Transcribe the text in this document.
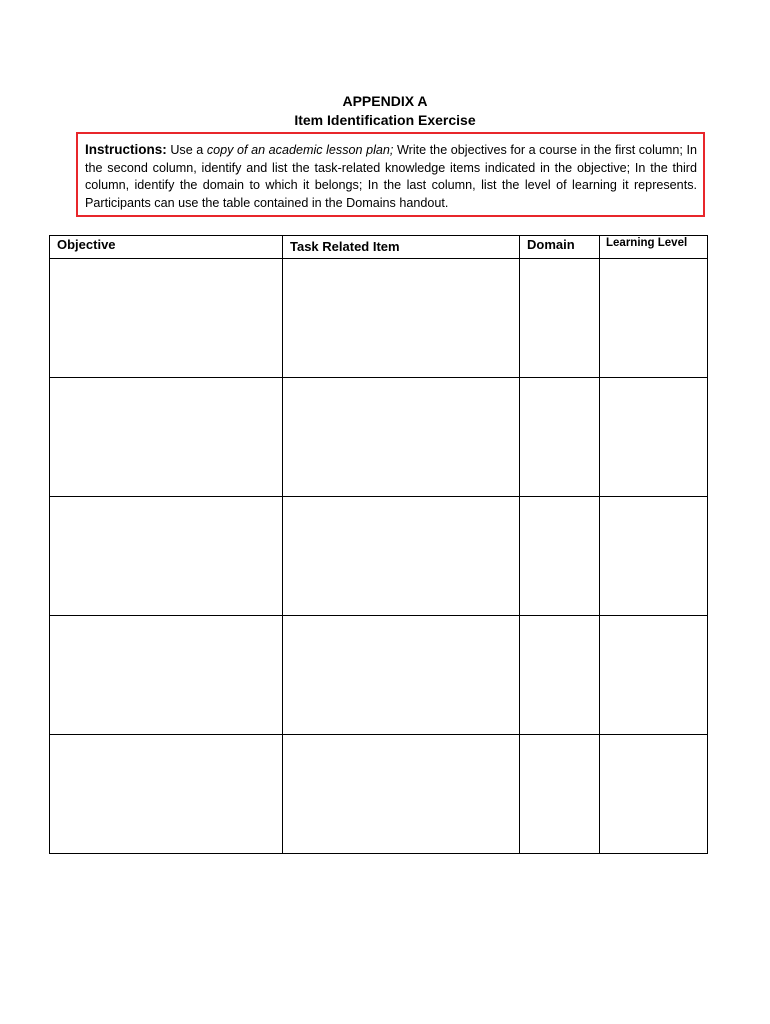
APPENDIX A
Item Identification Exercise
Instructions: Use a copy of an academic lesson plan; Write the objectives for a course in the first column; In the second column, identify and list the task-related knowledge items indicated in the objective; In the third column, identify the domain to which it belongs; In the last column, list the level of learning it represents. Participants can use the table contained in the Domains handout.
Objective	Task Related Item	Domain	Learning Level
